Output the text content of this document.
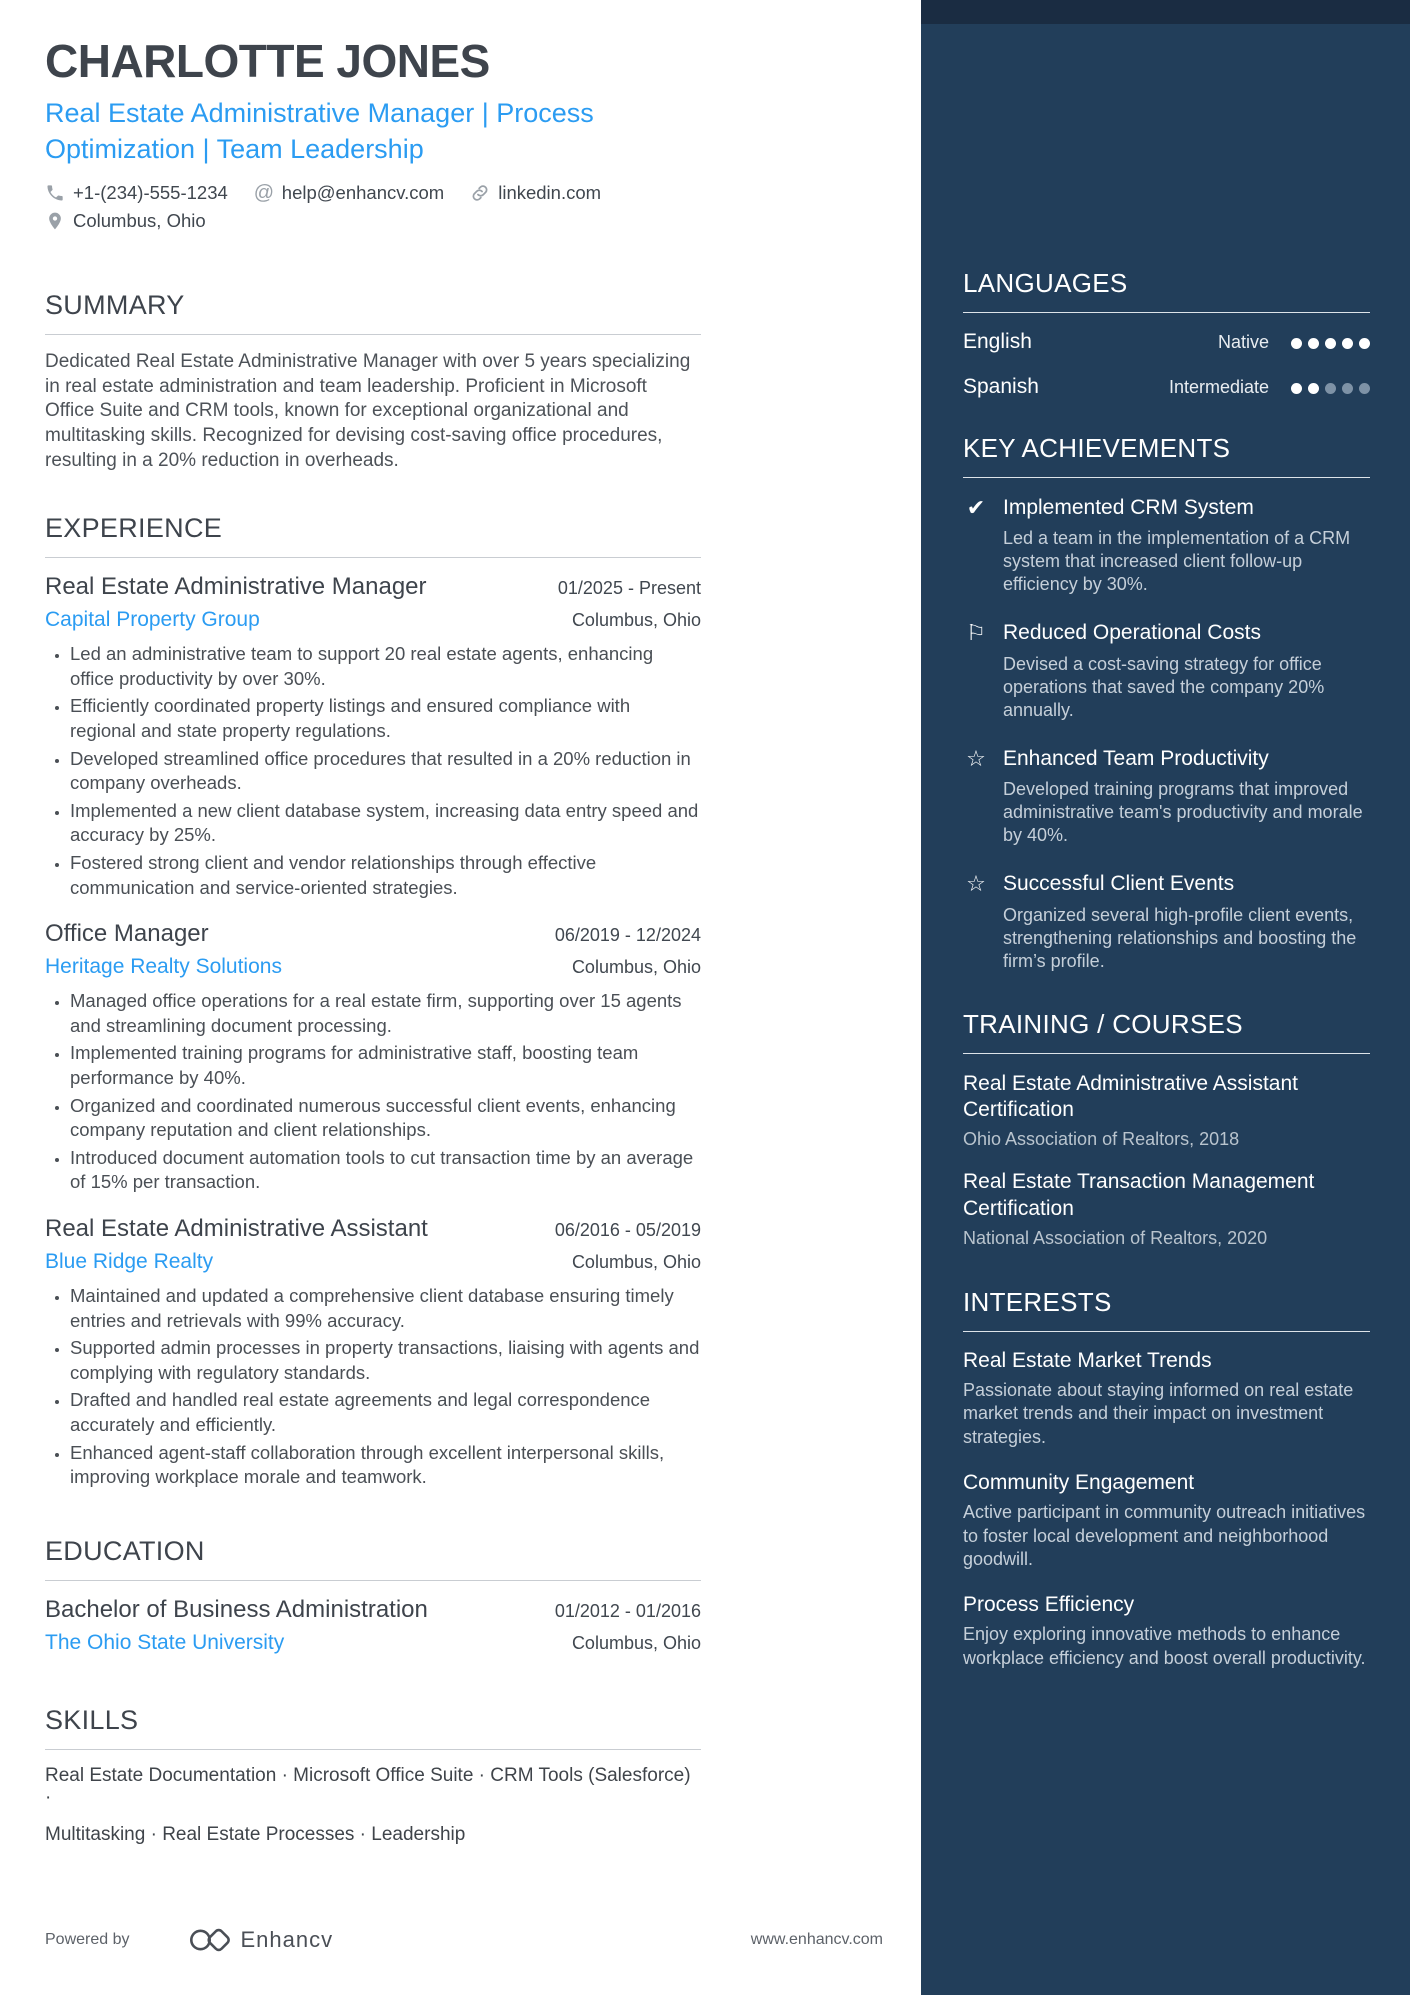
CHARLOTTE JONES
Real Estate Administrative Manager | Process Optimization | Team Leadership
+1-(234)-555-1234 @ help@enhancv.com	linkedin.com
Columbus, Ohio
SUMMARY

Dedicated Real Estate Administrative Manager with over 5 years specializing in real estate administration and team leadership. Proficient in Microsoft Office Suite and CRM tools, known for exceptional organizational and multitasking skills. Recognized for devising cost-saving office procedures, resulting in a 20% reduction in overheads.

EXPERIENCE
Real Estate Administrative Manager	01/2025 - Present
Capital Property Group	Columbus, Ohio
• Led an administrative team to support 20 real estate agents, enhancing office productivity by over 30%.
• Efficiently coordinated property listings and ensured compliance with regional and state property regulations.
• Developed streamlined office procedures that resulted in a 20% reduction in company overheads.
• Implemented a new client database system, increasing data entry speed and accuracy by 25%.
• Fostered strong client and vendor relationships through effective communication and service-oriented strategies.
Office Manager	06/2019 - 12/2024
Heritage Realty Solutions	Columbus, Ohio
• Managed office operations for a real estate firm, supporting over 15 agents and streamlining document processing.
• Implemented training programs for administrative staff, boosting team performance by 40%.
• Organized and coordinated numerous successful client events, enhancing company reputation and client relationships.
• Introduced document automation tools to cut transaction time by an average of 15% per transaction.
Real Estate Administrative Assistant	06/2016 - 05/2019
Blue Ridge Realty	Columbus, Ohio
• Maintained and updated a comprehensive client database ensuring timely entries and retrievals with 99% accuracy.
• Supported admin processes in property transactions, liaising with agents and complying with regulatory standards.
• Drafted and handled real estate agreements and legal correspondence accurately and efficiently.
• Enhanced agent-staff collaboration through excellent interpersonal skills, improving workplace morale and teamwork.
EDUCATION
Bachelor of Business Administration	01/2012 - 01/2016
The Ohio State University	Columbus, Ohio
SKILLS
Real Estate Documentation · Microsoft Office Suite · CRM Tools (Salesforce) ·
Multitasking · Real Estate Processes · Leadership
Powered by	Enhancv	www.enhancv.com
LANGUAGES
English	Native
Spanish	Intermediate
KEY ACHIEVEMENTS
✔ Implemented CRM System
Led a team in the implementation of a CRM system that increased client follow-up efficiency by 30%.
⚐ Reduced Operational Costs
Devised a cost-saving strategy for office operations that saved the company 20% annually.
☆ Enhanced Team Productivity
Developed training programs that improved administrative team's productivity and morale by 40%.
☆ Successful Client Events
Organized several high-profile client events, strengthening relationships and boosting the firm’s profile.
TRAINING / COURSES
Real Estate Administrative Assistant Certification
Ohio Association of Realtors, 2018
Real Estate Transaction Management Certification
National Association of Realtors, 2020
INTERESTS
Real Estate Market Trends
Passionate about staying informed on real estate market trends and their impact on investment strategies.
Community Engagement
Active participant in community outreach initiatives to foster local development and neighborhood goodwill.
Process Efficiency
Enjoy exploring innovative methods to enhance workplace efficiency and boost overall productivity.
